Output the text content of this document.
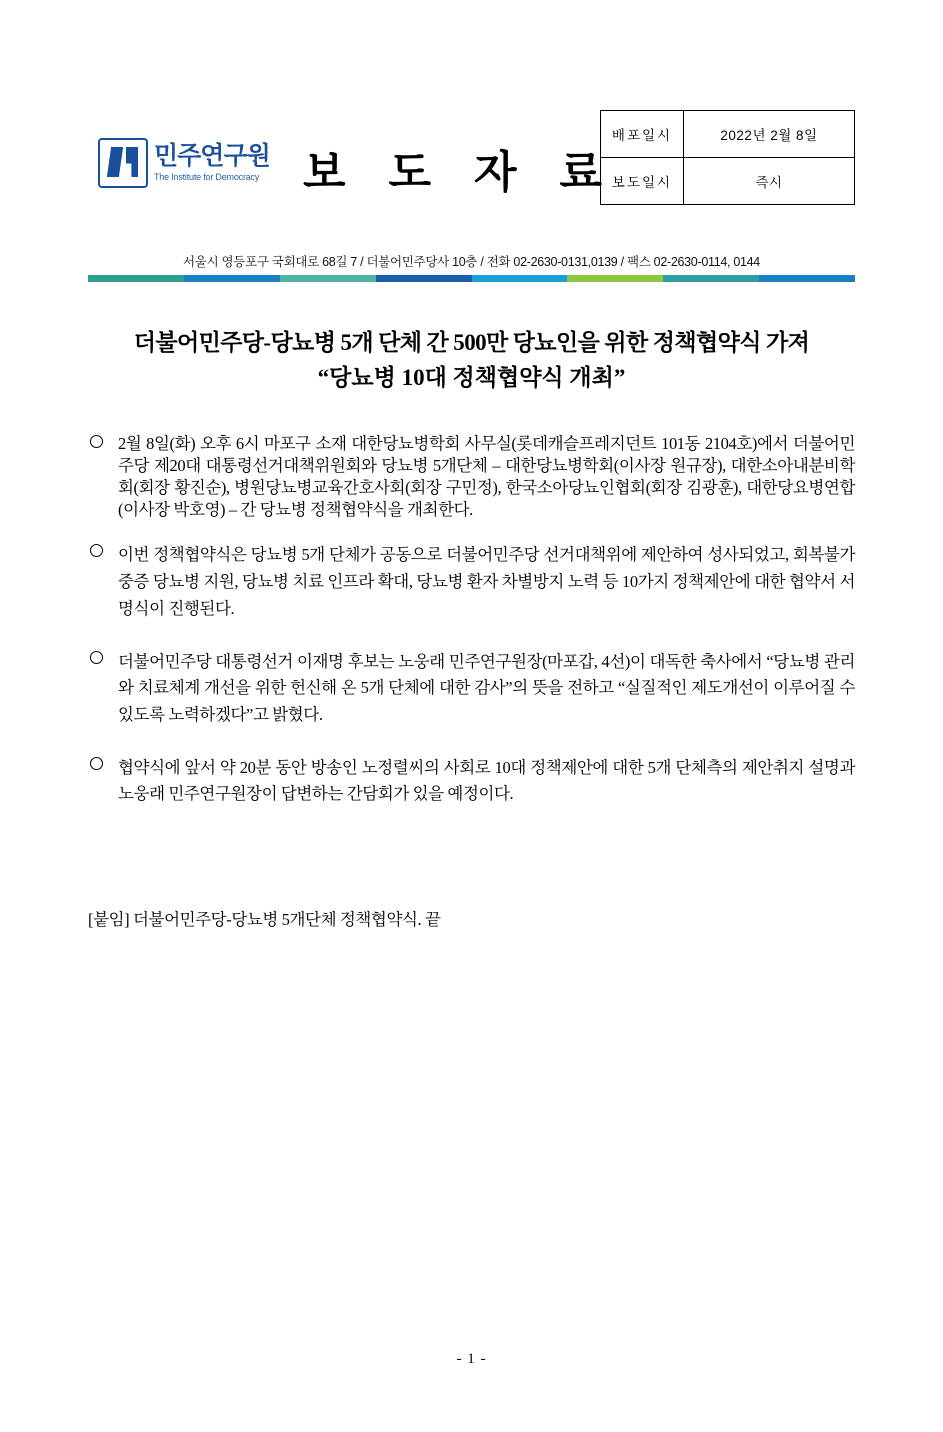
민주연구원
The Institute for Democracy 보 도 자 료
배포일시	2022년 2월 8일
보도일시	즉시
서울시 영등포구 국회대로 68길 7 / 더불어민주당사 10층 / 전화 02-2630-0131,0139 / 팩스 02-2630-0114, 0144
더불어민주당-당뇨병 5개 단체 간 500만 당뇨인을 위한 정책협약식 가져
“당뇨병 10대 정책협약식 개최”
2월 8일(화) 오후 6시 마포구 소재 대한당뇨병학회 사무실(롯데캐슬프레지던트 101동 2104호)에서 더불어민주당 제20대 대통령선거대책위원회와 당뇨병 5개단체 – 대한당뇨병학회(이사장 원규장), 대한소아내분비학회(회장 황진순), 병원당뇨병교육간호사회(회장 구민정), 한국소아당뇨인협회(회장 김광훈), 대한당요병연합(이사장 박호영) – 간 당뇨병 정책협약식을 개최한다.
이번 정책협약식은 당뇨병 5개 단체가 공동으로 더불어민주당 선거대책위에 제안하여 성사되었고, 회복불가 중증 당뇨병 지원, 당뇨병 치료 인프라 확대, 당뇨병 환자 차별방지 노력 등 10가지 정책제안에 대한 협약서 서명식이 진행된다.
더불어민주당 대통령선거 이재명 후보는 노웅래 민주연구원장(마포갑, 4선)이 대독한 축사에서 “당뇨병 관리와 치료체계 개선을 위한 헌신해 온 5개 단체에 대한 감사”의 뜻을 전하고 “실질적인 제도개선이 이루어질 수 있도록 노력하겠다”고 밝혔다.
협약식에 앞서 약 20분 동안 방송인 노정렬씨의 사회로 10대 정책제안에 대한 5개 단체측의 제안취지 설명과 노웅래 민주연구원장이 답변하는 간담회가 있을 예정이다.
[붙임] 더불어민주당-당뇨병 5개단체 정책협약식. 끝
- 1 -
